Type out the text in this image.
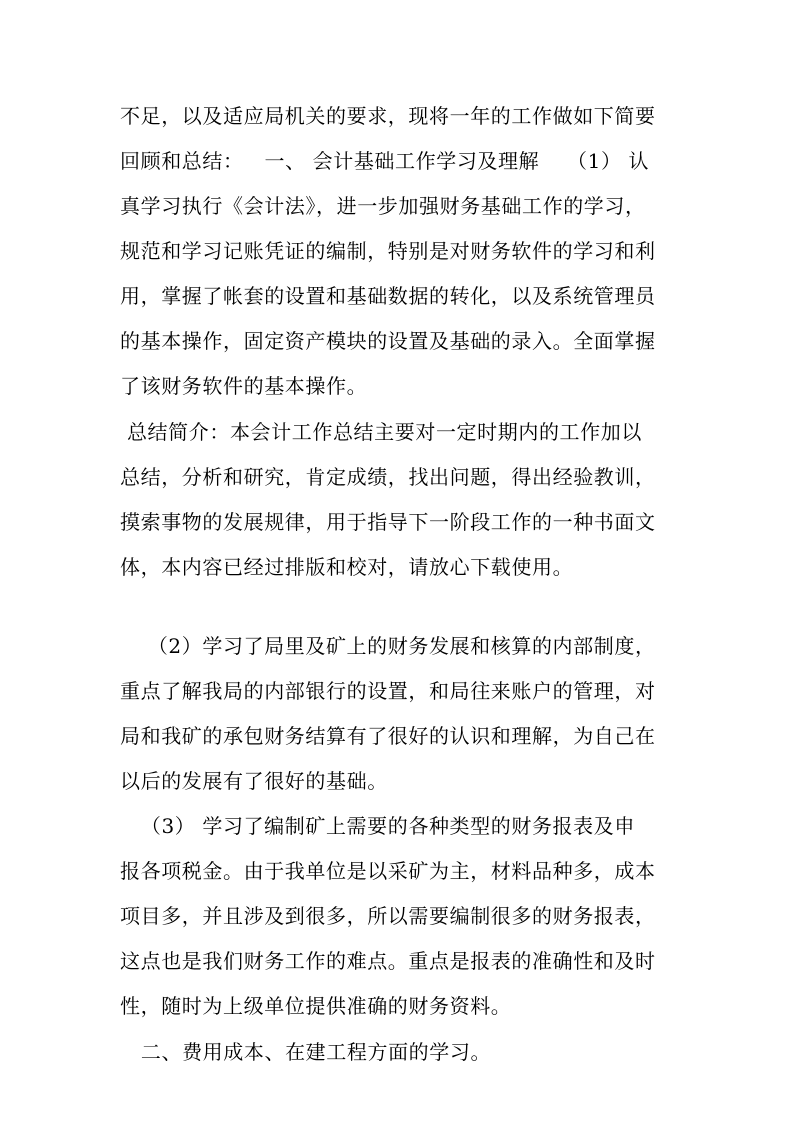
不足，以及适应局机关的要求，现将一年的工作做如下简要
回顾和总结：   一、 会计基础工作学习及理解    （1） 认
真学习执行《会计法》，进一步加强财务基础工作的学习，
规范和学习记账凭证的编制，特别是对财务软件的学习和利
用，掌握了帐套的设置和基础数据的转化，以及系统管理员
的基本操作，固定资产模块的设置及基础的录入。全面掌握
了该财务软件的基本操作。
总结简介：本会计工作总结主要对一定时期内的工作加以
总结，分析和研究，肯定成绩，找出问题，得出经验教训，
摸索事物的发展规律，用于指导下一阶段工作的一种书面文
体，本内容已经过排版和校对，请放心下载使用。
（2）学习了局里及矿上的财务发展和核算的内部制度，
重点了解我局的内部银行的设置，和局往来账户的管理，对
局和我矿的承包财务结算有了很好的认识和理解，为自己在
以后的发展有了很好的基础。
（3） 学习了编制矿上需要的各种类型的财务报表及申
报各项税金。由于我单位是以采矿为主，材料品种多，成本
项目多，并且涉及到很多，所以需要编制很多的财务报表，
这点也是我们财务工作的难点。重点是报表的准确性和及时
性，随时为上级单位提供准确的财务资料。
二、费用成本、在建工程方面的学习。
